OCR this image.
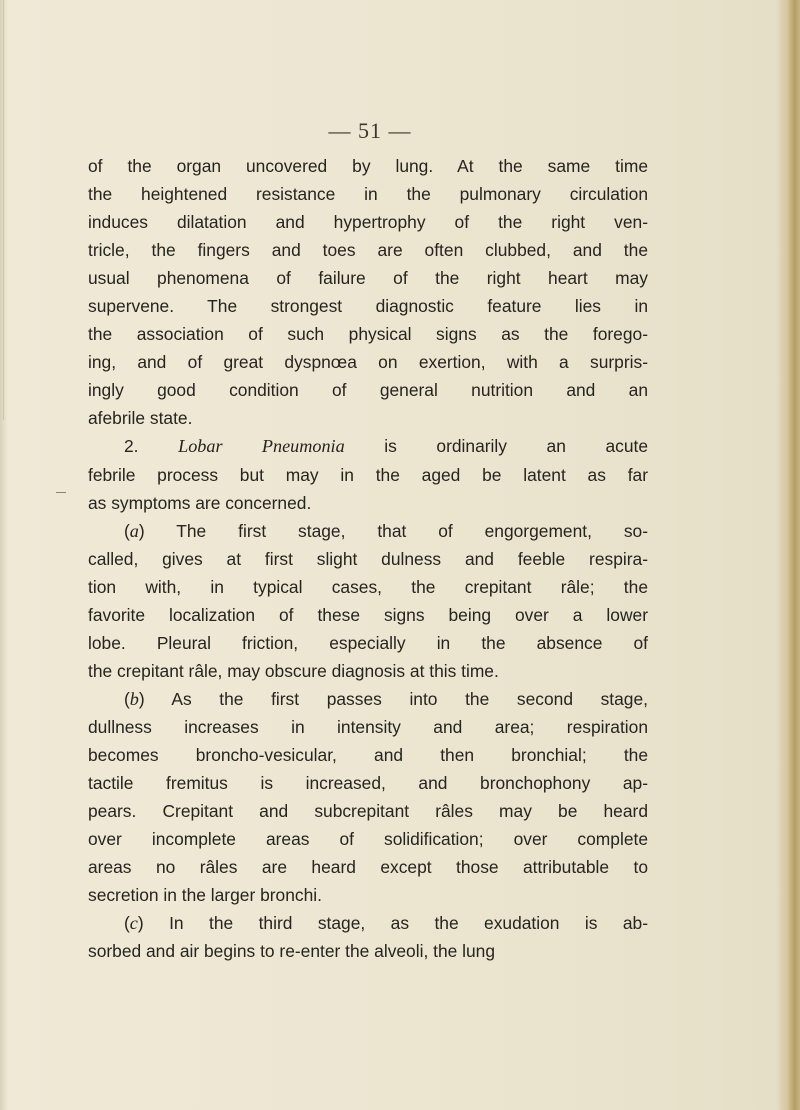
— 51 —
of the organ uncovered by lung. At the same time
the heightened resistance in the pulmonary circulation
induces dilatation and hypertrophy of the right ven-
tricle, the fingers and toes are often clubbed, and the
usual phenomena of failure of the right heart may
supervene. The strongest diagnostic feature lies in
the association of such physical signs as the forego-
ing, and of great dyspnœa on exertion, with a surpris-
ingly good condition of general nutrition and an
afebrile state.
2. Lobar Pneumonia is ordinarily an acute
febrile process but may in the aged be latent as far
as symptoms are concerned.
(a) The first stage, that of engorgement, so-
called, gives at first slight dulness and feeble respira-
tion with, in typical cases, the crepitant râle; the
favorite localization of these signs being over a lower
lobe. Pleural friction, especially in the absence of
the crepitant râle, may obscure diagnosis at this time.
(b) As the first passes into the second stage,
dullness increases in intensity and area; respiration
becomes broncho-vesicular, and then bronchial; the
tactile fremitus is increased, and bronchophony ap-
pears. Crepitant and subcrepitant râles may be heard
over incomplete areas of solidification; over complete
areas no râles are heard except those attributable to
secretion in the larger bronchi.
(c) In the third stage, as the exudation is ab-
sorbed and air begins to re-enter the alveoli, the lung
